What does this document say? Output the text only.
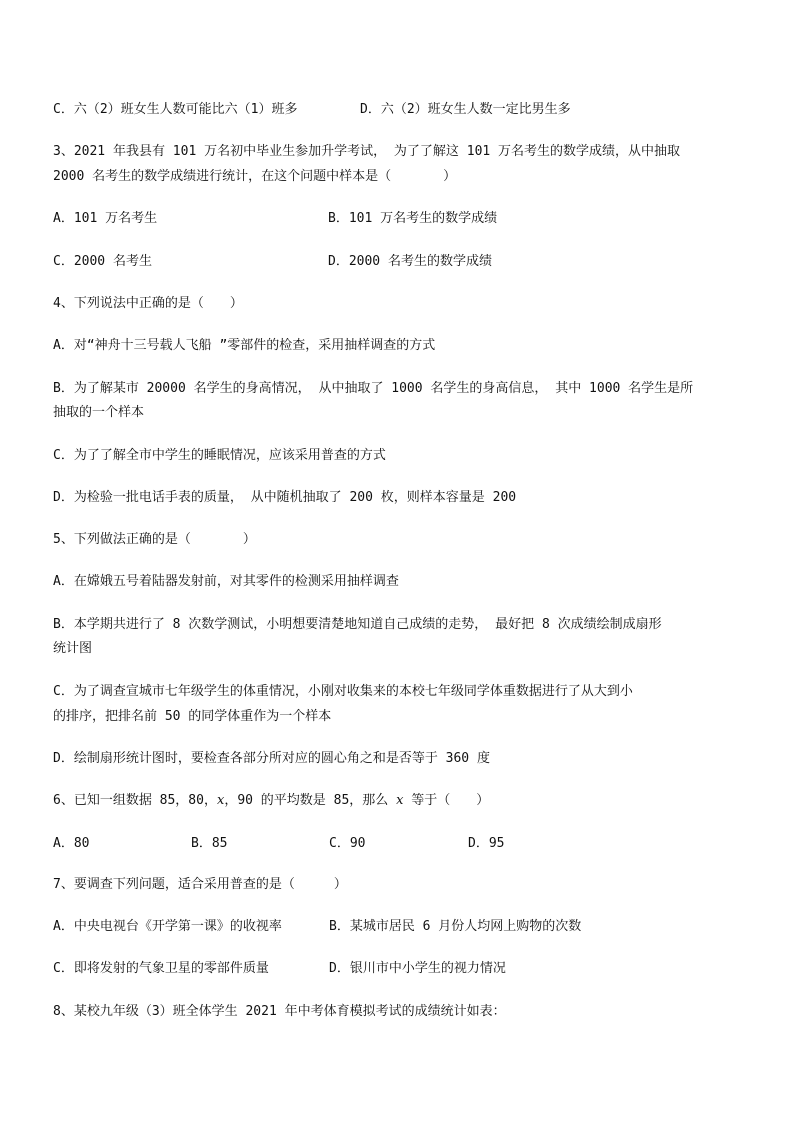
C．六（2）班女生人数可能比六（1）班多	D．六（2）班女生人数一定比男生多
3、2021 年我县有 101 万名初中毕业生参加升学考试， 为了了解这 101 万名考生的数学成绩，从中抽取
2000 名考生的数学成绩进行统计，在这个问题中样本是（　　　　）
A．101 万名考生	B．101 万名考生的数学成绩
C．2000 名考生	D．2000 名考生的数学成绩
4、下列说法中正确的是（　　）
A．对“神舟十三号载人飞船 ”零部件的检查，采用抽样调查的方式
B．为了解某市 20000 名学生的身高情况， 从中抽取了 1000 名学生的身高信息， 其中 1000 名学生是所
抽取的一个样本
C．为了了解全市中学生的睡眠情况，应该采用普查的方式
D．为检验一批电话手表的质量， 从中随机抽取了 200 枚，则样本容量是 200
5、下列做法正确的是（　　　　）
A．在嫦娥五号着陆器发射前，对其零件的检测采用抽样调查
B．本学期共进行了 8 次数学测试，小明想要清楚地知道自己成绩的走势， 最好把 8 次成绩绘制成扇形
统计图
C．为了调查宣城市七年级学生的体重情况，小刚对收集来的本校七年级同学体重数据进行了从大到小
的排序，把排名前 50 的同学体重作为一个样本
D．绘制扇形统计图时，要检查各部分所对应的圆心角之和是否等于 360 度
6、已知一组数据 85，80，x，90 的平均数是 85，那么 x 等于（　　）
A．80	B．85	C．90	D．95
7、要调查下列问题，适合采用普查的是（　　　）
A．中央电视台《开学第一课》的收视率	B．某城市居民 6 月份人均网上购物的次数
C．即将发射的气象卫星的零部件质量	D．银川市中小学生的视力情况
8、某校九年级（3）班全体学生 2021 年中考体育模拟考试的成绩统计如表：
